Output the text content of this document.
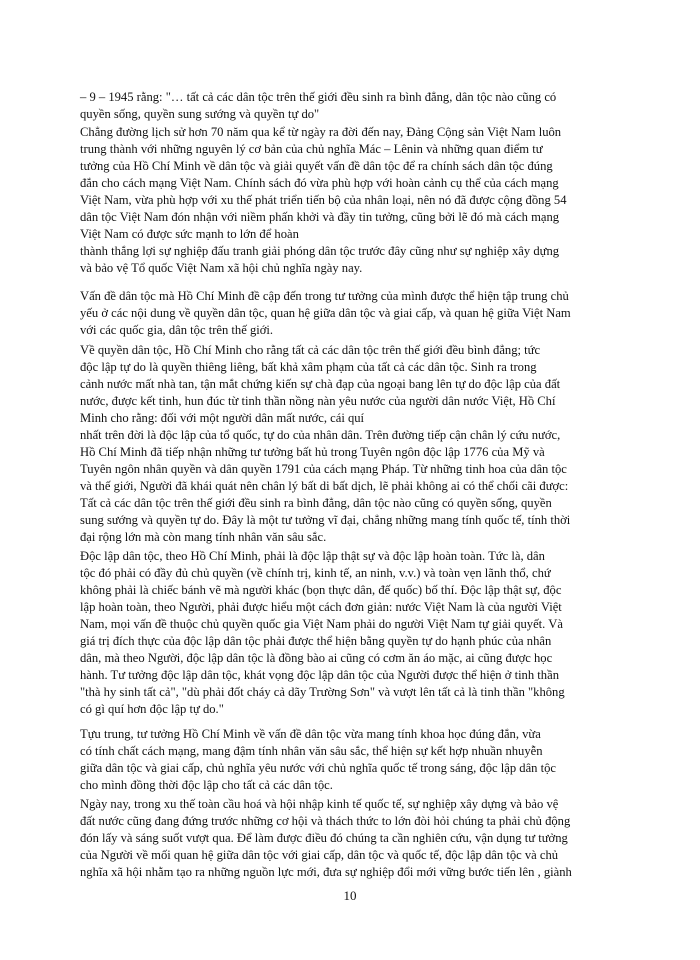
– 9 – 1945 rằng: "… tất cả các dân tộc trên thế giới đều sinh ra bình đẳng, dân tộc nào cũng có
quyền sống, quyền sung sướng và quyền tự do"
Chẳng đường lịch sử hơn 70 năm qua kể từ ngày ra đời đến nay, Đảng Cộng sản Việt Nam luôn
trung thành với những nguyên lý cơ bản của chủ nghĩa Mác – Lênin và những quan điểm tư
tưởng của Hồ Chí Minh về dân tộc và giải quyết vấn đề dân tộc để ra chính sách dân tộc đúng
đắn cho cách mạng Việt Nam. Chính sách đó vừa phù hợp với hoàn cảnh cụ thể của cách mạng
Việt Nam, vừa phù hợp với xu thế phát triển tiến bộ của nhân loại, nên nó đã được cộng đồng 54
dân tộc Việt Nam đón nhận với niềm phấn khởi và đầy tin tưởng, cũng bởi lẽ đó mà cách mạng
Việt Nam có được sức mạnh to lớn để hoàn
thành thắng lợi sự nghiệp đấu tranh giải phóng dân tộc trước đây cũng như sự nghiệp xây dựng
và bảo vệ Tổ quốc Việt Nam xã hội chủ nghĩa ngày nay.
Vấn đề dân tộc mà Hồ Chí Minh đề cập đến trong tư tưởng của mình được thể hiện tập trung chủ
yếu ở các nội dung về quyền dân tộc, quan hệ giữa dân tộc và giai cấp, và quan hệ giữa Việt Nam
với các quốc gia, dân tộc trên thế giới.
Về quyền dân tộc, Hồ Chí Minh cho rằng tất cả các dân tộc trên thế giới đều bình đẳng; tức
độc lập tự do là quyền thiêng liêng, bất khả xâm phạm của tất cả các dân tộc. Sinh ra trong
cảnh nước mất nhà tan, tận mắt chứng kiến sự chà đạp của ngoại bang lên tự do độc lập của đất
nước, được kết tinh, hun đúc từ tinh thần nồng nàn yêu nước của người dân nước Việt, Hồ Chí
Minh cho rằng: đối với một người dân mất nước, cái quí
nhất trên đời là độc lập của tổ quốc, tự do của nhân dân. Trên đường tiếp cận chân lý cứu nước,
Hồ Chí Minh đã tiếp nhận những tư tưởng bất hủ trong Tuyên ngôn độc lập 1776 của Mỹ và
Tuyên ngôn nhân quyền và dân quyền 1791 của cách mạng Pháp. Từ những tinh hoa của dân tộc
và thế giới, Người đã khái quát nên chân lý bất di bất dịch, lẽ phải không ai có thể chối cãi được:
Tất cả các dân tộc trên thế giới đều sinh ra bình đẳng, dân tộc nào cũng có quyền sống, quyền
sung sướng và quyền tự do. Đây là một tư tưởng vĩ đại, chẳng những mang tính quốc tế, tính thời
đại rộng lớn mà còn mang tính nhân văn sâu sắc.
Độc lập dân tộc, theo Hồ Chí Minh, phải là độc lập thật sự và độc lập hoàn toàn. Tức là, dân
tộc đó phải có đầy đủ chủ quyền (về chính trị, kinh tế, an ninh, v.v.) và toàn vẹn lãnh thổ, chứ
không phải là chiếc bánh vẽ mà người khác (bọn thực dân, đế quốc) bố thí. Độc lập thật sự, độc
lập hoàn toàn, theo Người, phải được hiểu một cách đơn giản: nước Việt Nam là của người Việt
Nam, mọi vấn đề thuộc chủ quyền quốc gia Việt Nam phải do người Việt Nam tự giải quyết. Và
giá trị đích thực của độc lập dân tộc phải được thể hiện bằng quyền tự do hạnh phúc của nhân
dân, mà theo Người, độc lập dân tộc là đồng bào ai cũng có cơm ăn áo mặc, ai cũng được học
hành. Tư tưởng độc lập dân tộc, khát vọng độc lập dân tộc của Người được thể hiện ở tinh thần
"thà hy sinh tất cả", "dù phải đốt cháy cả dãy Trường Sơn" và vượt lên tất cả là tinh thần "không
có gì quí hơn độc lập tự do."
Tựu trung, tư tưởng Hồ Chí Minh về vấn đề dân tộc vừa mang tính khoa học đúng đắn, vừa
có tính chất cách mạng, mang đậm tính nhân văn sâu sắc, thể hiện sự kết hợp nhuần nhuyễn
giữa dân tộc và giai cấp, chủ nghĩa yêu nước với chủ nghĩa quốc tế trong sáng, độc lập dân tộc
cho mình đồng thời độc lập cho tất cả các dân tộc.
Ngày nay, trong xu thế toàn cầu hoá và hội nhập kinh tế quốc tế, sự nghiệp xây dựng và bảo vệ
đất nước cũng đang đứng trước những cơ hội và thách thức to lớn đòi hỏi chúng ta phải chủ động
đón lấy và sáng suốt vượt qua. Để làm được điều đó chúng ta cần nghiên cứu, vận dụng tư tưởng
của Người về mối quan hệ giữa dân tộc với giai cấp, dân tộc và quốc tế, độc lập dân tộc và chủ
nghĩa xã hội nhằm tạo ra những nguồn lực mới, đưa sự nghiệp đổi mới vững bước tiến lên , giành
10
